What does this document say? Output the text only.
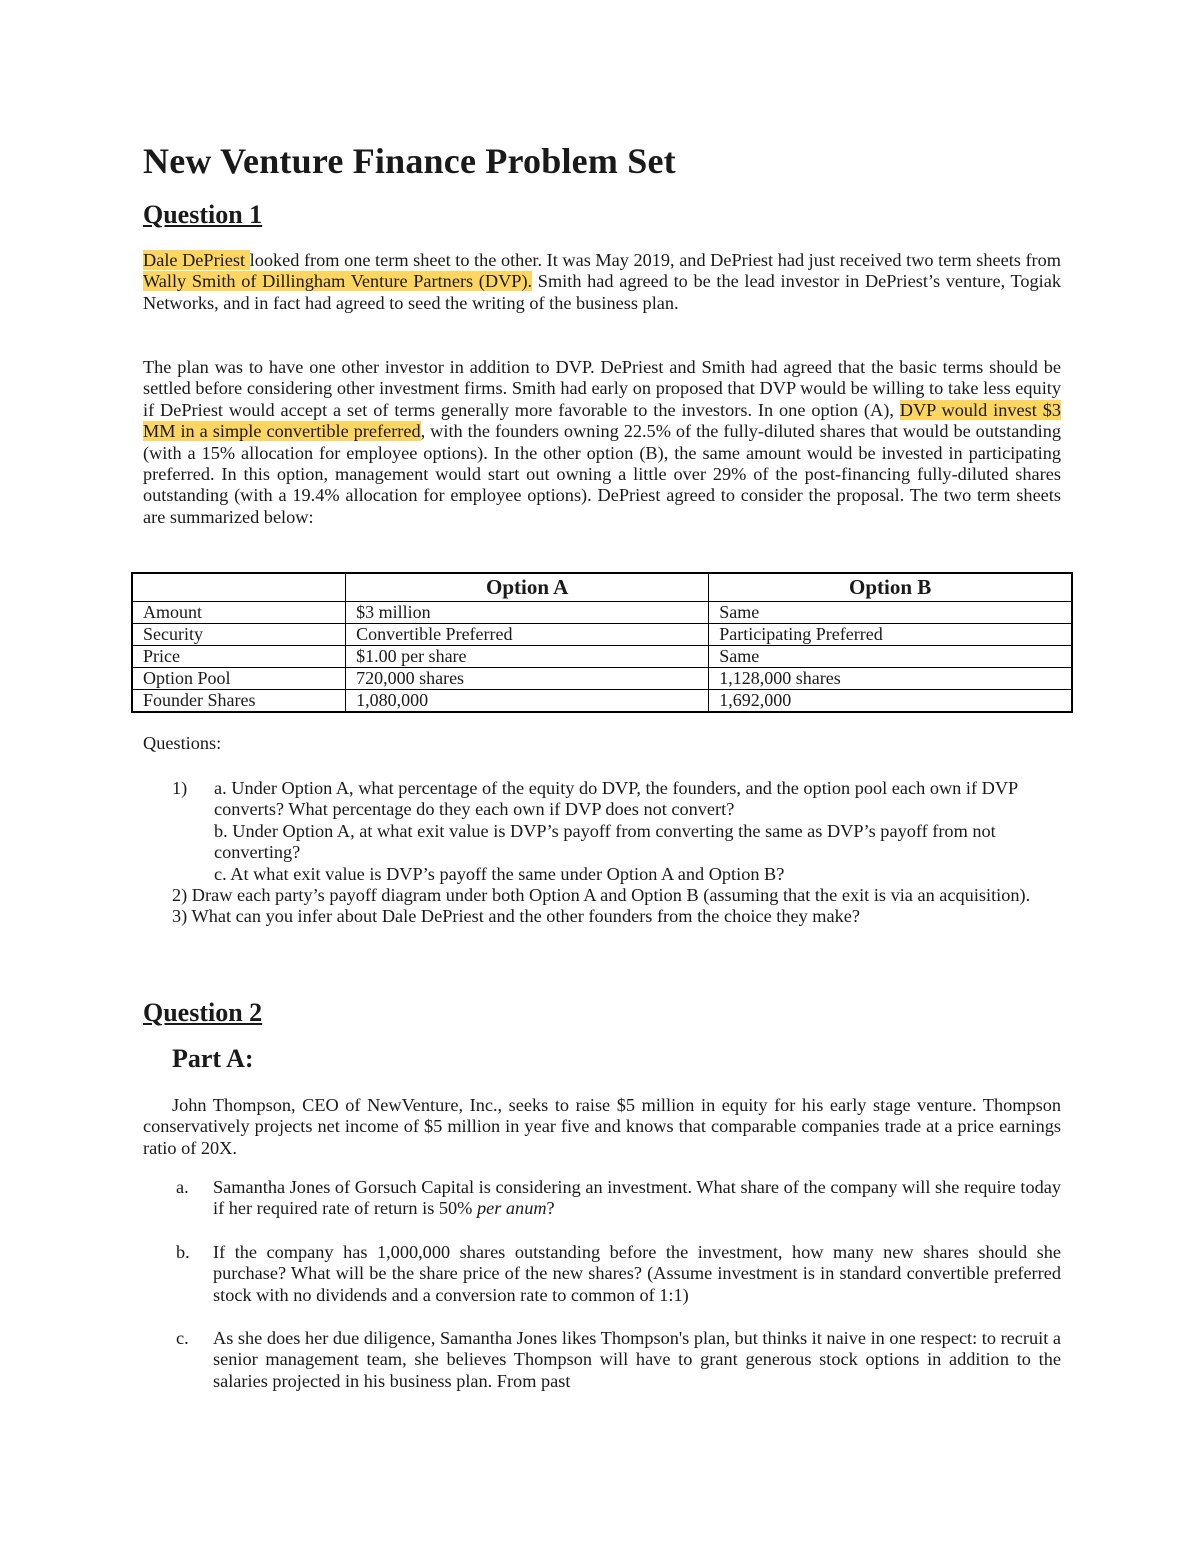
New Venture Finance Problem Set
Question 1

Dale DePriest looked from one term sheet to the other. It was May 2019, and DePriest had just received two term sheets from Wally Smith of Dillingham Venture Partners (DVP). Smith had agreed to be the lead investor in DePriest’s venture, Togiak Networks, and in fact had agreed to seed the writing of the business plan.

The plan was to have one other investor in addition to DVP. DePriest and Smith had agreed that the basic terms should be settled before considering other investment firms. Smith had early on proposed that DVP would be willing to take less equity if DePriest would accept a set of terms generally more favorable to the investors. In one option (A), DVP would invest $3 MM in a simple convertible preferred, with the founders owning 22.5% of the fully-diluted shares that would be outstanding (with a 15% allocation for employee options). In the other option (B), the same amount would be invested in participating preferred. In this option, management would start out owning a little over 29% of the post-financing fully-diluted shares outstanding (with a 19.4% allocation for employee options). DePriest agreed to consider the proposal. The two term sheets are summarized below:

	Option A	Option B
Amount	$3 million	Same
Security	Convertible Preferred	Participating Preferred
Price	$1.00 per share	Same
Option Pool	720,000 shares	1,128,000 shares
Founder Shares	1,080,000	1,692,000
Questions:
1) a. Under Option A, what percentage of the equity do DVP, the founders, and the option pool each own if DVP converts? What percentage do they each own if DVP does not convert?
b. Under Option A, at what exit value is DVP’s payoff from converting the same as DVP’s payoff from not converting?
c. At what exit value is DVP’s payoff the same under Option A and Option B?
2) Draw each party’s payoff diagram under both Option A and Option B (assuming that the exit is via an acquisition).
3) What can you infer about Dale DePriest and the other founders from the choice they make?
Question 2
Part A:

John Thompson, CEO of NewVenture, Inc., seeks to raise $5 million in equity for his early stage venture. Thompson conservatively projects net income of $5 million in year five and knows that comparable companies trade at a price earnings ratio of 20X.

a. Samantha Jones of Gorsuch Capital is considering an investment. What share of the company will she require today if her required rate of return is 50% per anum?
b. If the company has 1,000,000 shares outstanding before the investment, how many new shares should she purchase? What will be the share price of the new shares? (Assume investment is in standard convertible preferred stock with no dividends and a conversion rate to common of 1:1)
c. As she does her due diligence, Samantha Jones likes Thompson's plan, but thinks it naive in one respect: to recruit a senior management team, she believes Thompson will have to grant generous stock options in addition to the salaries projected in his business plan. From past
